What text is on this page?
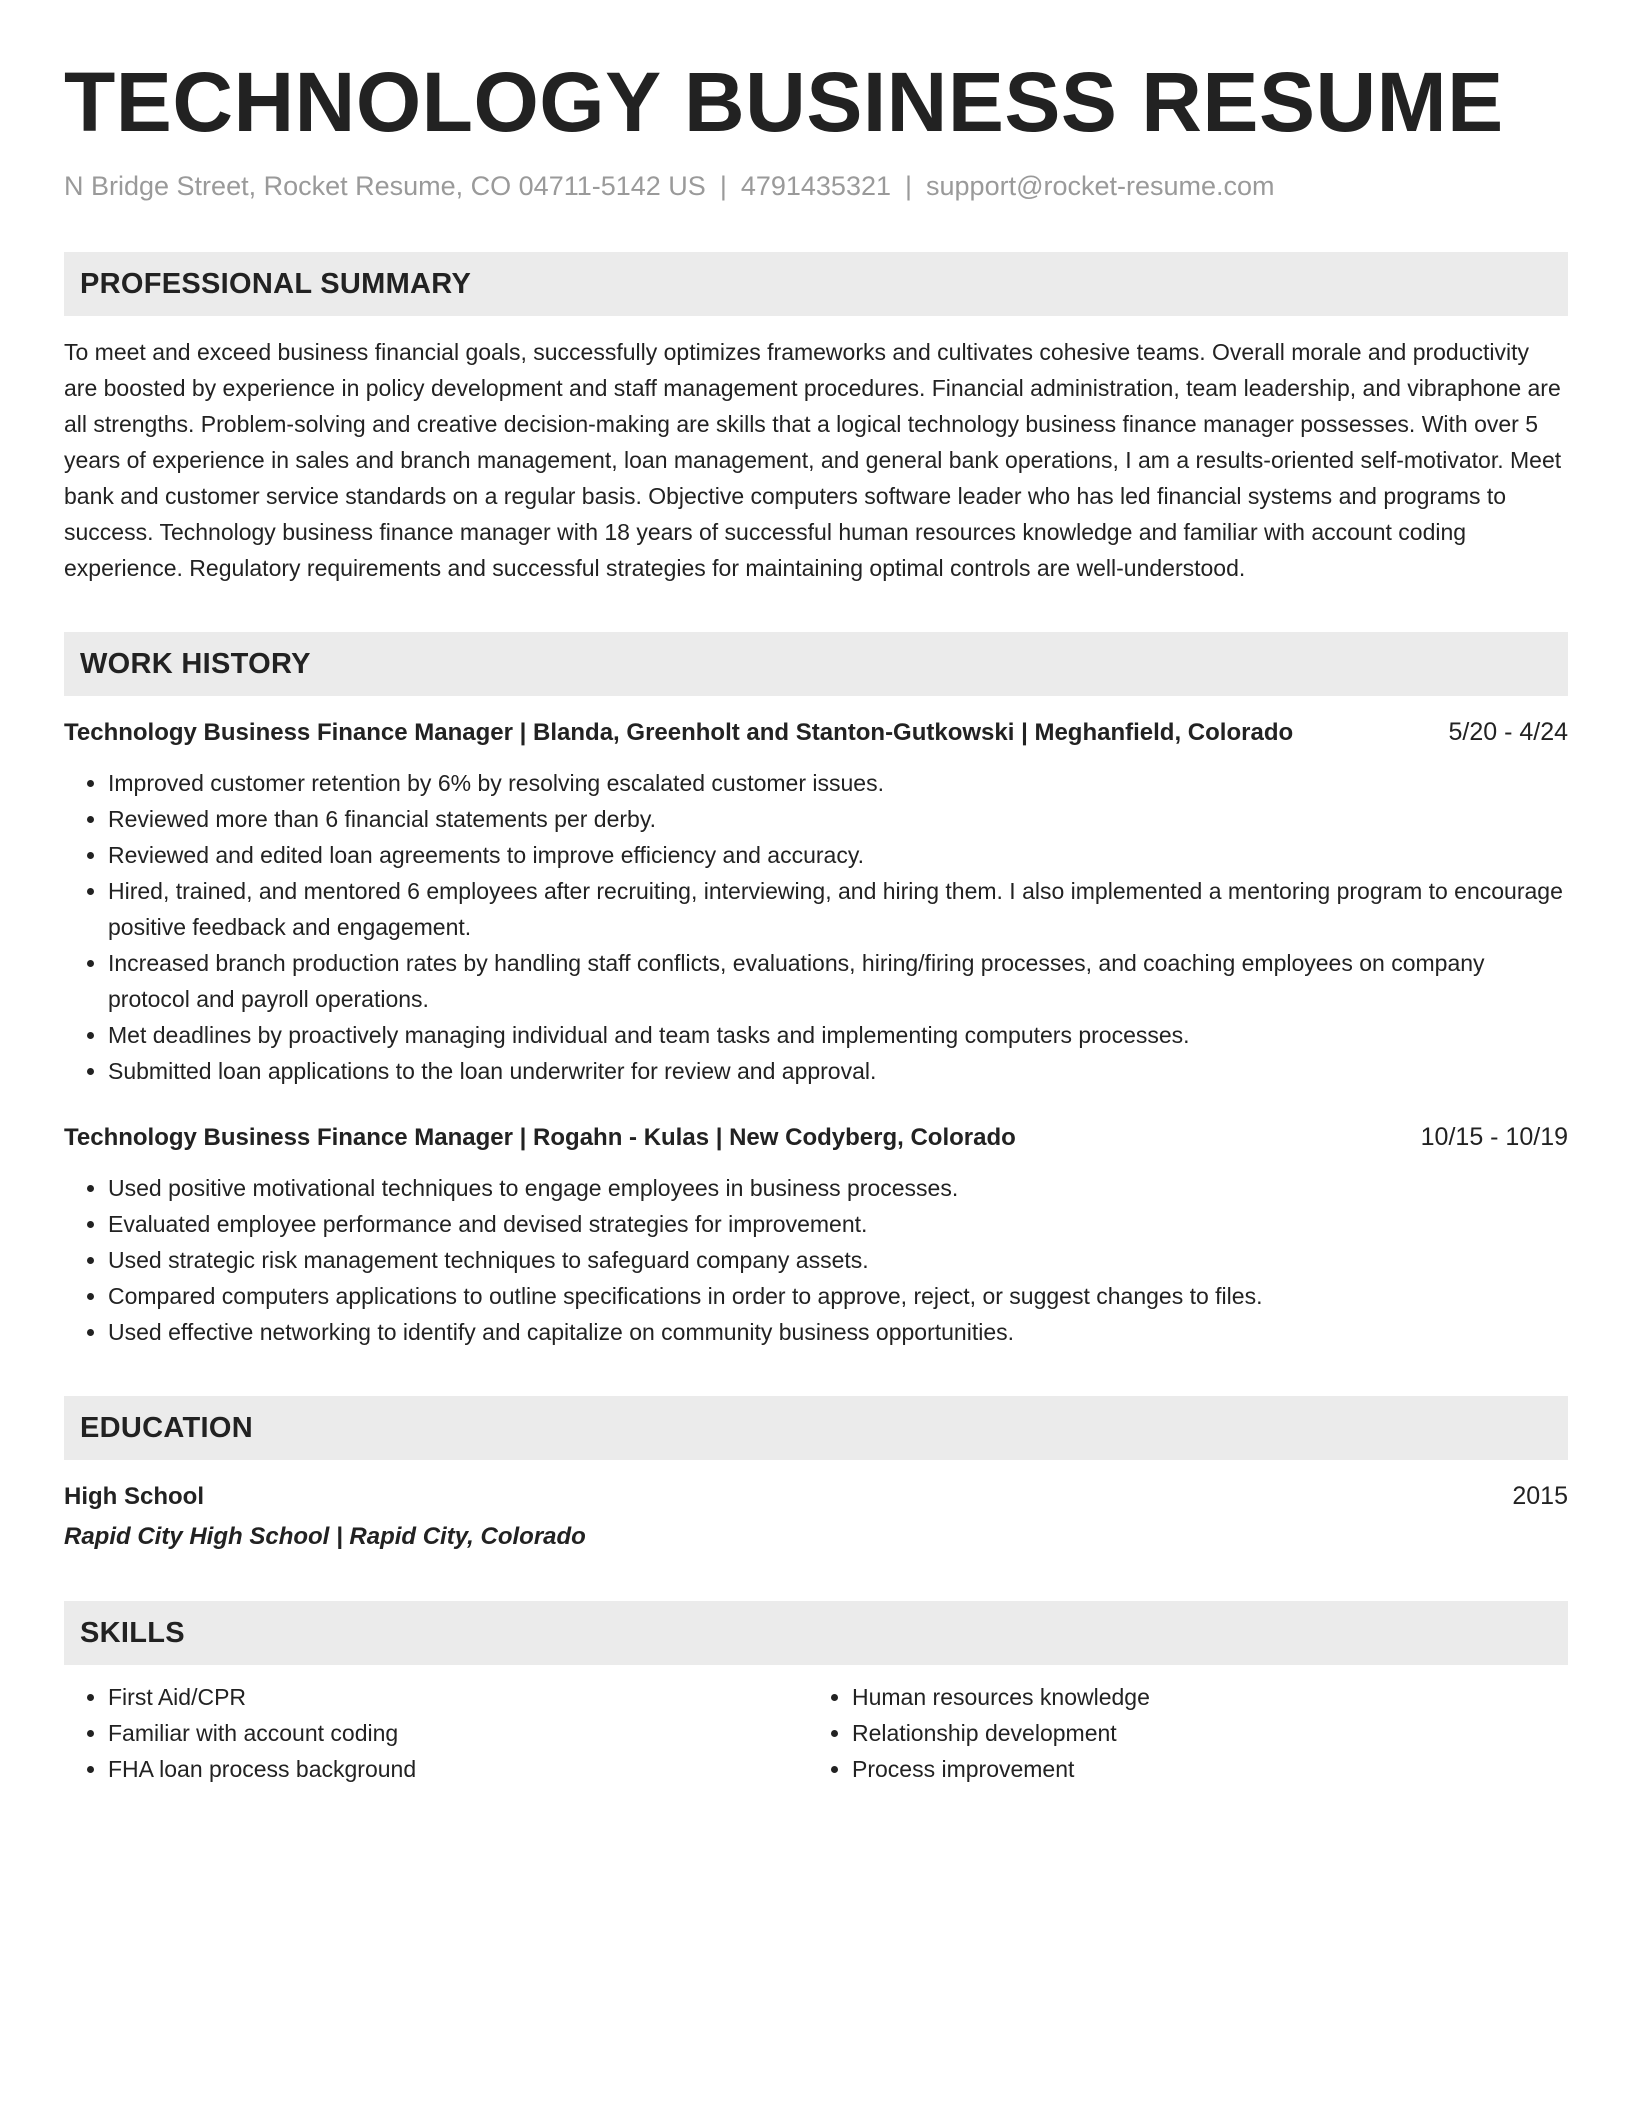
TECHNOLOGY BUSINESS RESUME
N Bridge Street, Rocket Resume, CO 04711-5142 US | 4791435321 | support@rocket-resume.com
PROFESSIONAL SUMMARY
To meet and exceed business financial goals, successfully optimizes frameworks and cultivates cohesive teams. Overall morale and productivity are boosted by experience in policy development and staff management procedures. Financial administration, team leadership, and vibraphone are all strengths. Problem-solving and creative decision-making are skills that a logical technology business finance manager possesses. With over 5 years of experience in sales and branch management, loan management, and general bank operations, I am a results-oriented self-motivator. Meet bank and customer service standards on a regular basis. Objective computers software leader who has led financial systems and programs to success. Technology business finance manager with 18 years of successful human resources knowledge and familiar with account coding experience. Regulatory requirements and successful strategies for maintaining optimal controls are well-understood.
WORK HISTORY
Technology Business Finance Manager | Blanda, Greenholt and Stanton-Gutkowski | Meghanfield, Colorado	5/20 - 4/24
• Improved customer retention by 6% by resolving escalated customer issues.
• Reviewed more than 6 financial statements per derby.
• Reviewed and edited loan agreements to improve efficiency and accuracy.
• Hired, trained, and mentored 6 employees after recruiting, interviewing, and hiring them. I also implemented a mentoring program to encourage positive feedback and engagement.
• Increased branch production rates by handling staff conflicts, evaluations, hiring/firing processes, and coaching employees on company protocol and payroll operations.
• Met deadlines by proactively managing individual and team tasks and implementing computers processes.
• Submitted loan applications to the loan underwriter for review and approval.
Technology Business Finance Manager | Rogahn - Kulas | New Codyberg, Colorado	10/15 - 10/19
• Used positive motivational techniques to engage employees in business processes.
• Evaluated employee performance and devised strategies for improvement.
• Used strategic risk management techniques to safeguard company assets.
• Compared computers applications to outline specifications in order to approve, reject, or suggest changes to files.
• Used effective networking to identify and capitalize on community business opportunities.
EDUCATION
High School	2015
Rapid City High School | Rapid City, Colorado
SKILLS
• First Aid/CPR
• Familiar with account coding
• FHA loan process background
• Human resources knowledge
• Relationship development
• Process improvement
